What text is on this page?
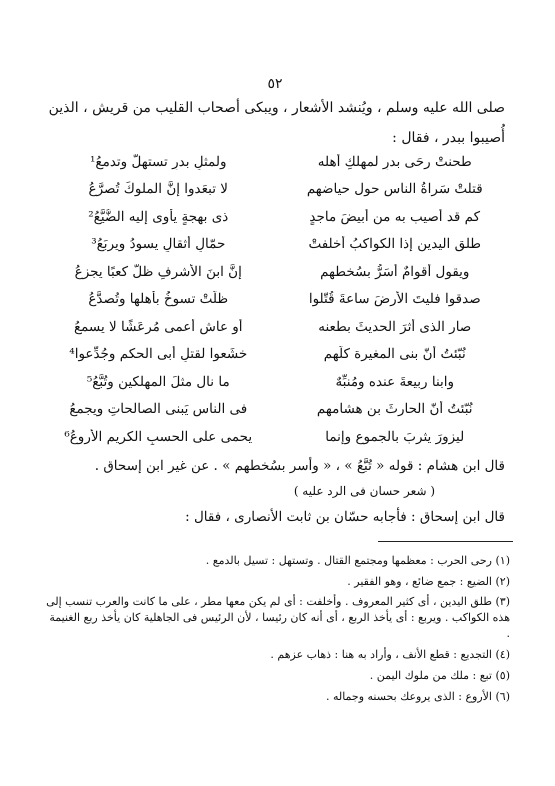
٥٢
صلى الله عليه وسلم ، ويُنشد الأشعار ، ويبكى أصحاب القليب من قريش ، الذين
أُصيبوا ببدر ، فقال :
طحنتْ رحَى بدرٍ لمهلكِ أهله
ولمثلِ بدرٍ تستهلُّ وتدمعُ¹
قتلتْ سَراةُ الناس حول حياضهم
لا تبعَدوا إنَّ الملوكَ تُصرَّعُ
كم قد أُصيب به من أبيضَ ماجدٍ
ذى بهجةٍ يأوى إليه الضُّيَّعُ²
طلقِ اليدين إذا الكواكبُ أخلفتْ
حمّالِ أثقالٍ يسودُ ويربَعُ³
ويقول أقوامٌ أُسَرُّ بسُخطهم
إنَّ ابنَ الأشرفِ ظلَّ كعبًا يجزعُ
صدقوا فليتَ الأرضَ ساعةَ قُتّلوا
ظلّتْ تسوخُ بأهلها وتُصدَّعُ
صار الذى أثرَ الحديثَ بطعنه
أو عاش أعمى مُرعَشًا لا يسمعُ
نُبّئتُ أنّ بنى المغيرة كلَّهم
خشَعوا لقتلِ أبى الحكمِ وجُدِّعوا⁴
وابنا ربيعةَ عنده ومُنبِّهٌ
ما نال مثلَ المهلكين وتُبَّعُ⁵
نُبّئتُ أنّ الحارثَ بن هشامهم
فى الناس يَبنى الصالحاتِ ويجمعُ
ليزورَ يثربَ بالجموعِ وإنما
يحمى على الحسبِ الكريمِ الأروعُ⁶
قال ابن هشام : قوله « تُبَّعُ » ، « وأسر بسُخطهم » . عن غير ابن إسحاق .
( شعر حسان فى الرد عليه )
قال ابن إسحاق : فأجابه حسّان بن ثابت الأنصارى ، فقال :

(١) رحى الحرب : معظمها ومجتمع القتال . وتستهل : تسيل بالدمع .

(٢) الضيع : جمع ضائع ، وهو الفقير .

(٣) طلق اليدين ، أى كثير المعروف . وأخلفت : أى لم يكن معها مطر ، على ما كانت والعرب تنسب إلى هذه الكواكب . ويربع : أى يأخذ الربع ، أى أنه كان رئيسا ، لأن الرئيس فى الجاهلية كان يأخذ ربع الغنيمة .

(٤) التجديع : قطع الأنف ، وأراد به هنا : ذهاب عزهم .

(٥) تبع : ملك من ملوك اليمن .

(٦) الأروع : الذى يروعك بحسنه وجماله .
